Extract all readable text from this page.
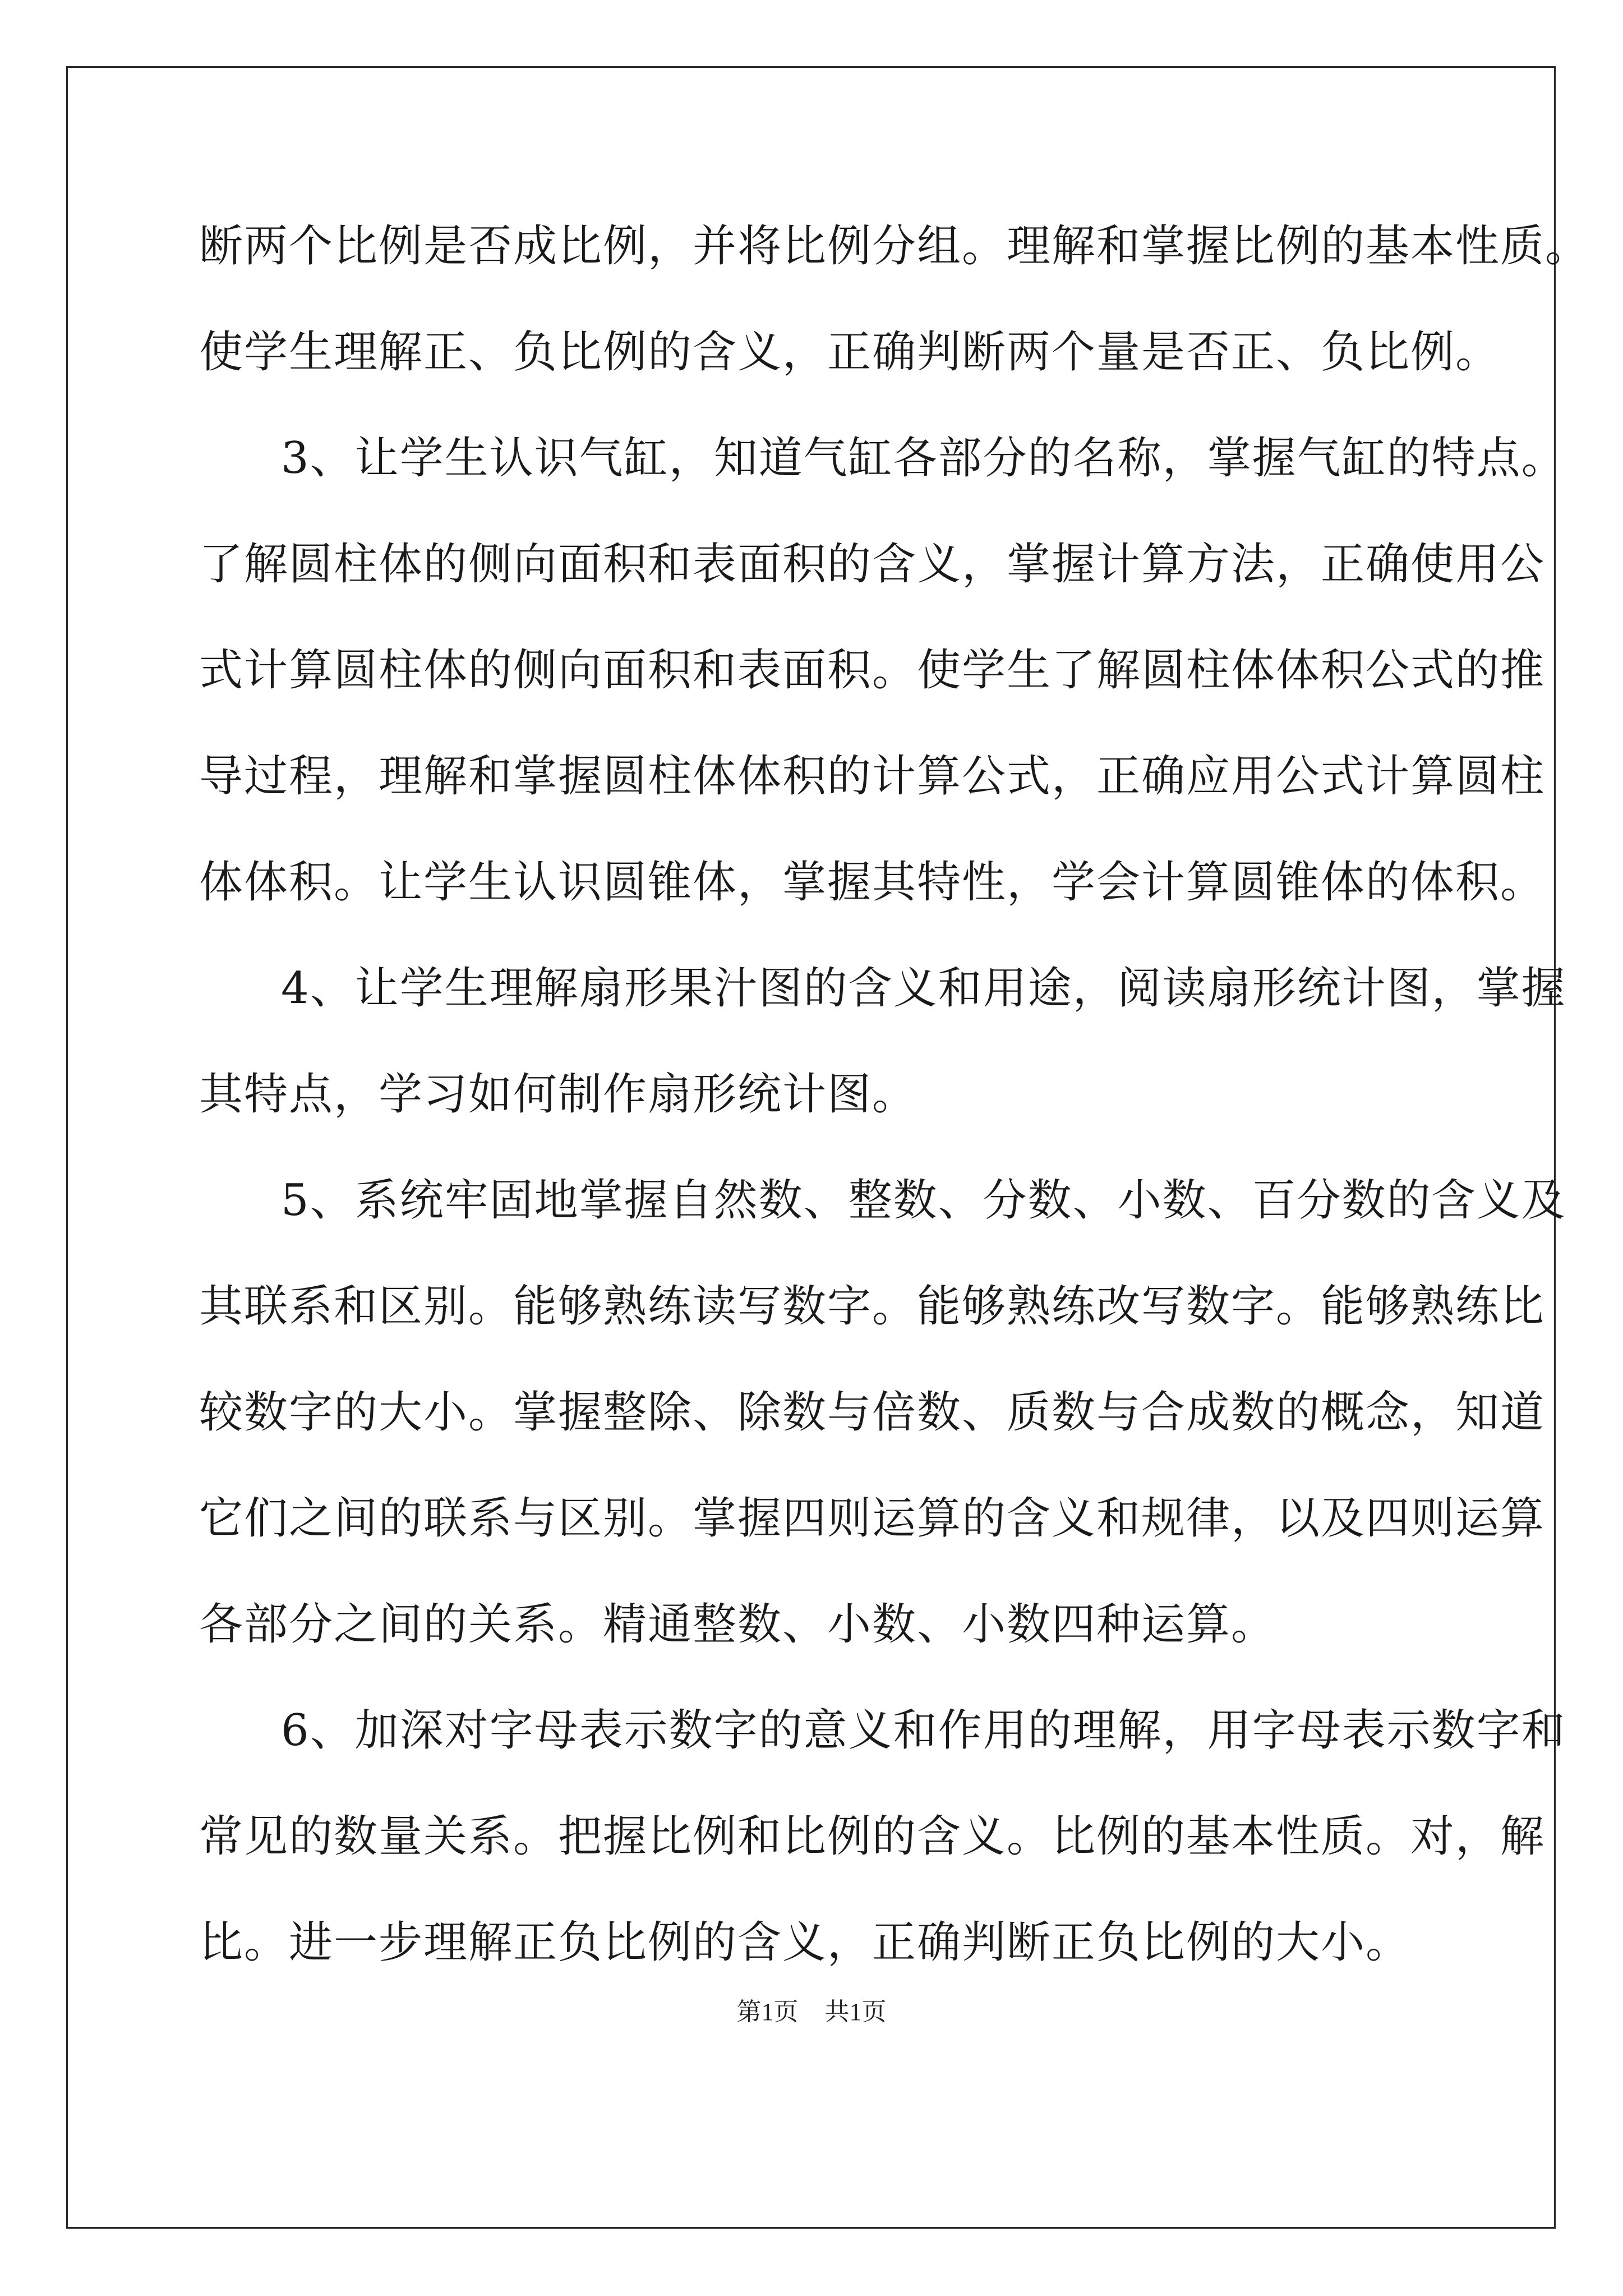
断两个比例是否成比例，并将比例分组。理解和掌握比例的基本性质。
使学生理解正、负比例的含义，正确判断两个量是否正、负比例。
3、让学生认识气缸，知道气缸各部分的名称，掌握气缸的特点。
了解圆柱体的侧向面积和表面积的含义，掌握计算方法，正确使用公
式计算圆柱体的侧向面积和表面积。使学生了解圆柱体体积公式的推
导过程，理解和掌握圆柱体体积的计算公式，正确应用公式计算圆柱
体体积。让学生认识圆锥体，掌握其特性，学会计算圆锥体的体积。
4、让学生理解扇形果汁图的含义和用途，阅读扇形统计图，掌握
其特点，学习如何制作扇形统计图。
5、系统牢固地掌握自然数、整数、分数、小数、百分数的含义及
其联系和区别。能够熟练读写数字。能够熟练改写数字。能够熟练比
较数字的大小。掌握整除、除数与倍数、质数与合成数的概念，知道
它们之间的联系与区别。掌握四则运算的含义和规律，以及四则运算
各部分之间的关系。精通整数、小数、小数四种运算。
6、加深对字母表示数字的意义和作用的理解，用字母表示数字和
常见的数量关系。把握比例和比例的含义。比例的基本性质。对，解
比。进一步理解正负比例的含义，正确判断正负比例的大小。
第1页 共1页
